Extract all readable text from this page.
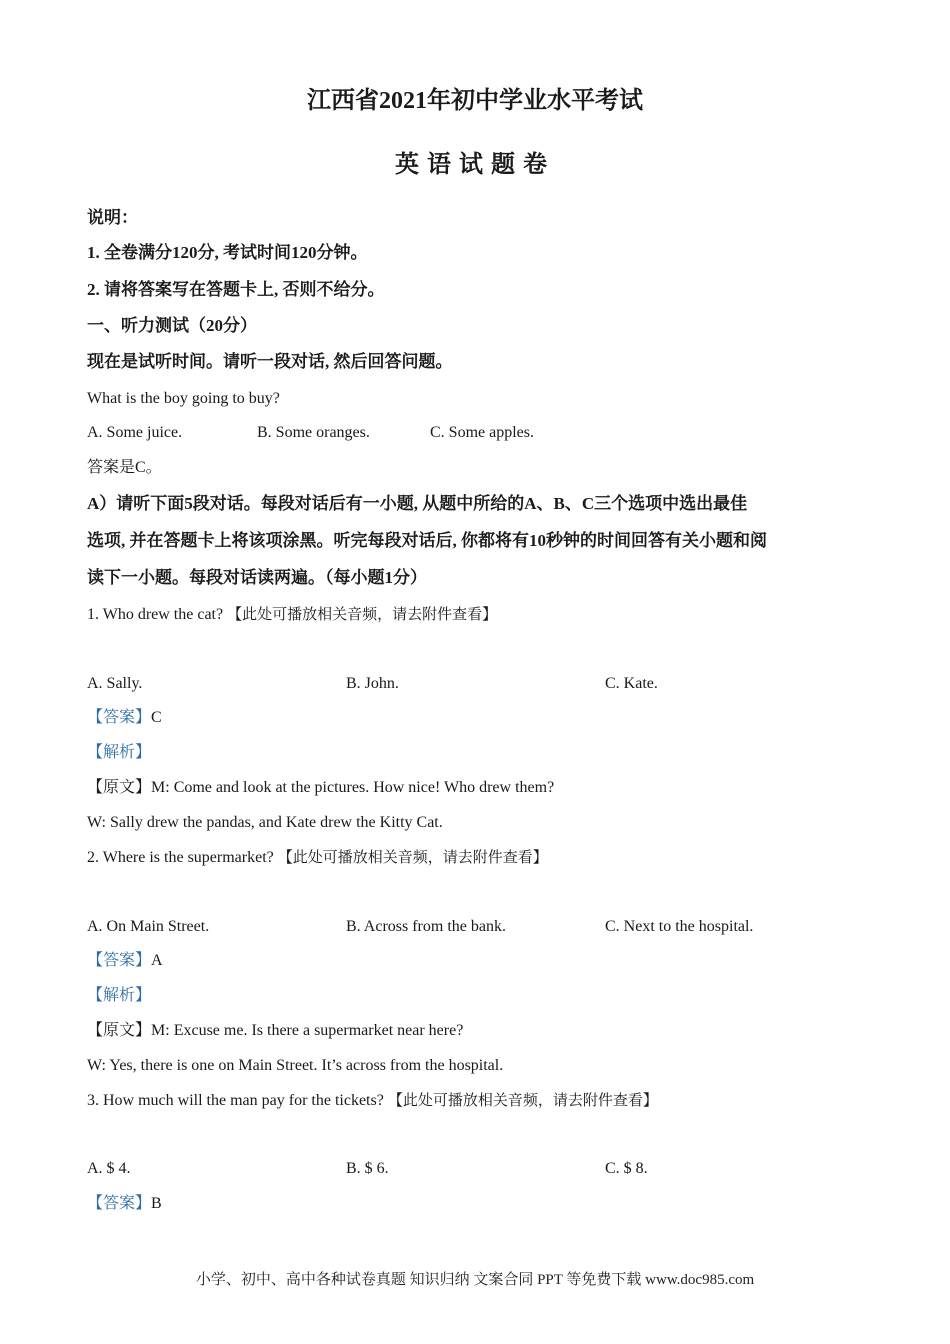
江西省2021年初中学业水平考试
英语试题卷
说明：
1. 全卷满分120分, 考试时间120分钟。
2. 请将答案写在答题卡上, 否则不给分。
一、听力测试（20分）
现在是试听时间。请听一段对话, 然后回答问题。
What is the boy going to buy?
A. Some juice.	B. Some oranges.	C. Some apples.
答案是C。
A）请听下面5段对话。每段对话后有一小题, 从题中所给的A、B、C三个选项中选出最佳
选项, 并在答题卡上将该项涂黑。听完每段对话后, 你都将有10秒钟的时间回答有关小题和阅
读下一小题。每段对话读两遍。（每小题1分）
1. Who drew the cat? 【此处可播放相关音频，请去附件查看】
A. Sally.	B. John.	C. Kate.
【答案】C
【解析】
【原文】M: Come and look at the pictures. How nice! Who drew them?
W: Sally drew the pandas, and Kate drew the Kitty Cat.
2. Where is the supermarket? 【此处可播放相关音频，请去附件查看】
A. On Main Street.	B. Across from the bank.	C. Next to the hospital.
【答案】A
【解析】
【原文】M: Excuse me. Is there a supermarket near here?
W: Yes, there is one on Main Street. It’s across from the hospital.
3. How much will the man pay for the tickets? 【此处可播放相关音频，请去附件查看】
A. $ 4.	B. $ 6.	C. $ 8.
【答案】B
小学、初中、高中各种试卷真题 知识归纳 文案合同 PPT 等免费下载 www.doc985.com
